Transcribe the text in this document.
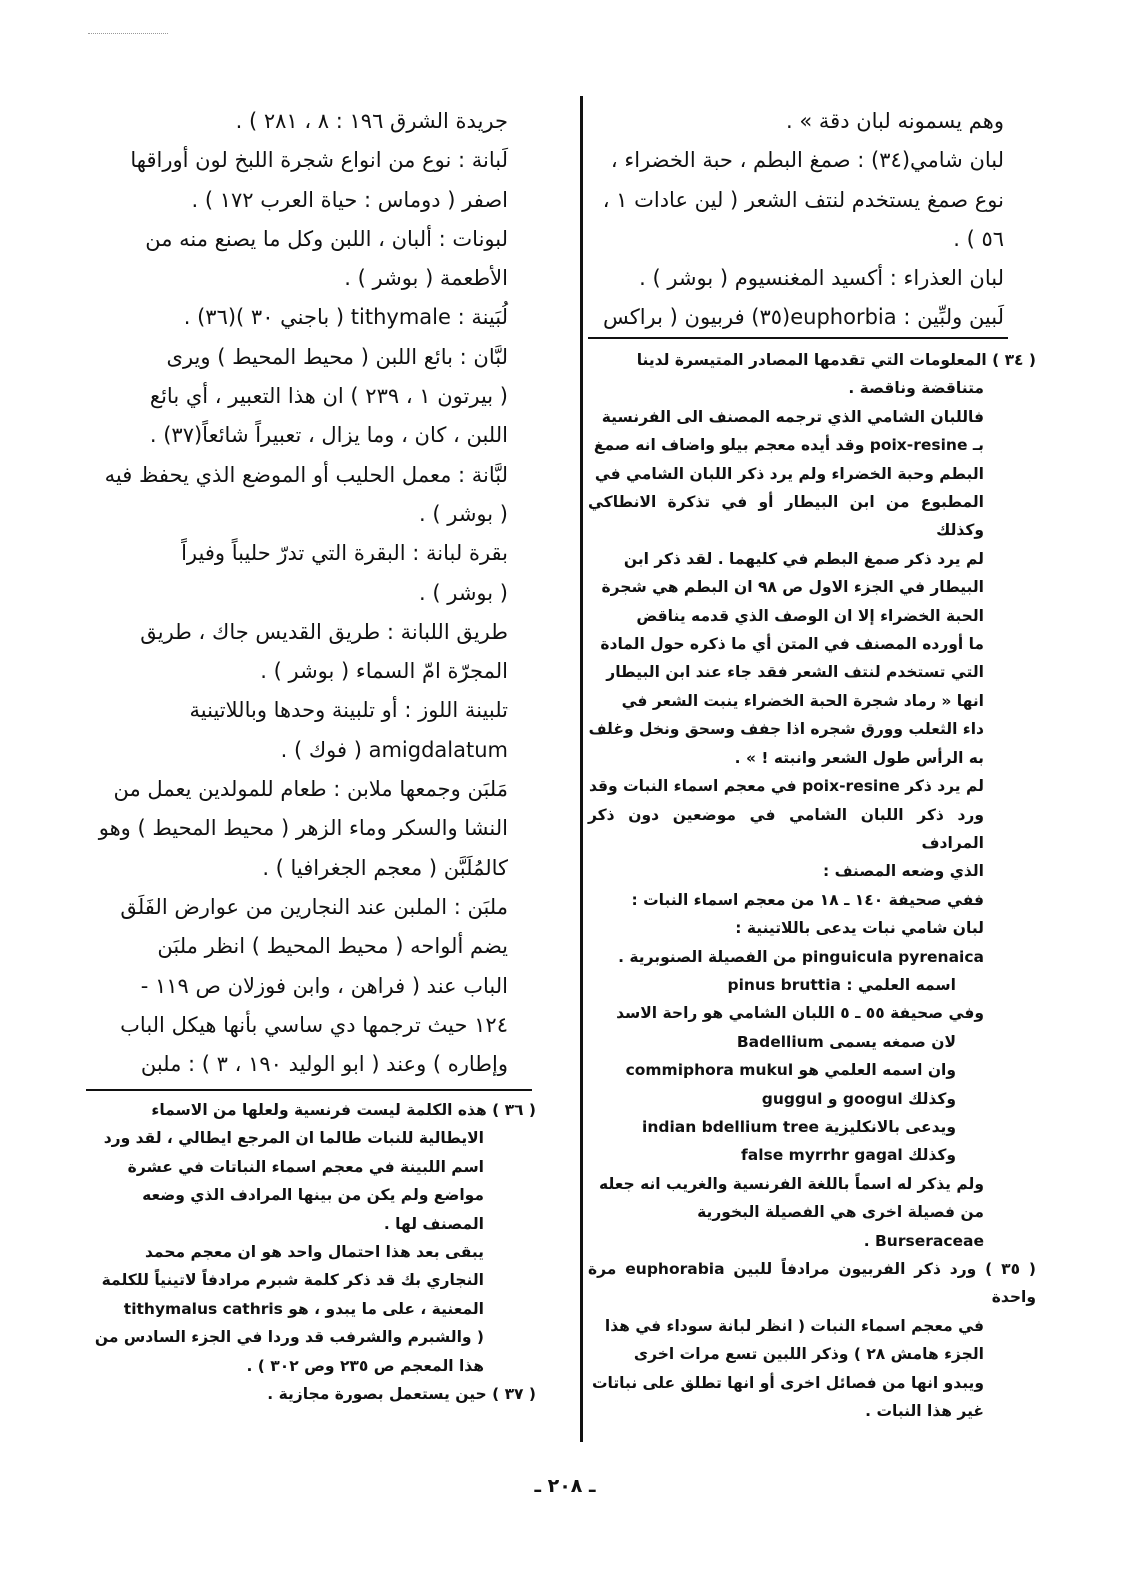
وهم يسمونه لبان دقة » .

لبان شامي(٣٤) : صمغ البطم ، حبة الخضراء ،

نوع صمغ يستخدم لنتف الشعر ( لين عادات ١ ،

٥٦ ) .

لبان العذراء : أكسيد المغنسيوم ( بوشر ) .

لَبين ولبِّين : euphorbia(٣٥) فربيون ( براكس

جريدة الشرق ١٩٦ : ٨ ، ٢٨١ ) .

لَبانة : نوع من انواع شجرة اللبخ لون أوراقها

اصفر ( دوماس : حياة العرب ١٧٢ ) .

لبونات : ألبان ، اللبن وكل ما يصنع منه من

الأطعمة ( بوشر ) .

لُبَينة : tithymale ( باجني ٣٠ )(٣٦) .

لبَّان : بائع اللبن ( محيط المحيط ) ويرى

( بيرتون ١ ، ٢٣٩ ) ان هذا التعبير ، أي بائع

اللبن ، كان ، وما يزال ، تعبيراً شائعاً(٣٧) .

لبَّانة : معمل الحليب أو الموضع الذي يحفظ فيه

( بوشر ) .

بقرة لبانة : البقرة التي تدرّ حليباً وفيراً

( بوشر ) .

طريق اللبانة : طريق القديس جاك ، طريق

المجرّة امّ السماء ( بوشر ) .

تلبينة اللوز : أو تلبينة وحدها وباللاتينية

amigdalatum ( فوك ) .

مَلبَن وجمعها ملابن : طعام للمولدين يعمل من

النشا والسكر وماء الزهر ( محيط المحيط ) وهو

كالمُلَبَّن ( معجم الجغرافيا ) .

ملبَن : الملبن عند النجارين من عوارض الفَلَق

يضم ألواحه ( محيط المحيط ) انظر ملبَن

الباب عند ( فراهن ، وابن فوزلان ص ١١٩ -

١٢٤ حيث ترجمها دي ساسي بأنها هيكل الباب

وإطاره ) وعند ( ابو الوليد ١٩٠ ، ٣ ) : ملبن

( ٣٤ ) المعلومات التي تقدمها المصادر المتيسرة لدينا

متناقضة وناقصة .

فاللبان الشامي الذي ترجمه المصنف الى الفرنسية

بـ poix-resine وقد أيده معجم بيلو واضاف انه صمغ

البطم وحبة الخضراء ولم يرد ذكر اللبان الشامي في

المطبوع من ابن البيطار أو في تذكرة الانطاكي وكذلك

لم يرد ذكر صمغ البطم في كليهما . لقد ذكر ابن

البيطار في الجزء الاول ص ٩٨ ان البطم هي شجرة

الحبة الخضراء إلا ان الوصف الذي قدمه يناقض

ما أورده المصنف في المتن أي ما ذكره حول المادة

التي تستخدم لنتف الشعر فقد جاء عند ابن البيطار

انها « رماد شجرة الحبة الخضراء ينبت الشعر في

داء الثعلب وورق شجره اذا جفف وسحق ونخل وغلف

به الرأس طول الشعر وانبته ! » .

لم يرد ذكر poix-resine في معجم اسماء النبات وقد

ورد ذكر اللبان الشامي في موضعين دون ذكر المرادف

الذي وضعه المصنف :

ففي صحيفة ١٤٠ ـ ١٨ من معجم اسماء النبات :

لبان شامي نبات يدعى باللاتينية :

pinguicula pyrenaica من الفصيلة الصنوبرية .

اسمه العلمي : pinus bruttia

وفي صحيفة ٥٥ ـ ٥ اللبان الشامي هو راحة الاسد

لان صمغه يسمى Badellium

وان اسمه العلمي هو commiphora mukul

وكذلك googul و guggul

ويدعى بالانكليزية indian bdellium tree

وكذلك false myrrhr gagal

ولم يذكر له اسماً باللغة الفرنسية والغريب انه جعله

من فصيلة اخرى هي الفصيلة البخورية

Burseraceae .

( ٣٥ ) ورد ذكر الفربيون مرادفاً للبين euphorabia مرة واحدة

في معجم اسماء النبات ( انظر لبانة سوداء في هذا

الجزء هامش ٢٨ ) وذكر اللبين تسع مرات اخرى

ويبدو انها من فصائل اخرى أو انها تطلق على نباتات

غير هذا النبات .

( ٣٦ ) هذه الكلمة ليست فرنسية ولعلها من الاسماء

الايطالية للنبات طالما ان المرجع ايطالي ، لقد ورد

اسم اللبينة في معجم اسماء النباتات في عشرة

مواضع ولم يكن من بينها المرادف الذي وضعه

المصنف لها .

يبقى بعد هذا احتمال واحد هو ان معجم محمد

النجاري بك قد ذكر كلمة شبرم مرادفاً لاتينياً للكلمة

المعنية ، على ما يبدو ، هو tithymalus cathris

( والشبرم والشرفب قد وردا في الجزء السادس من

هذا المعجم ص ٢٣٥ وص ٣٠٢ ) .

( ٣٧ ) حين يستعمل بصورة مجازية .

ـ ٢٠٨ ـ
